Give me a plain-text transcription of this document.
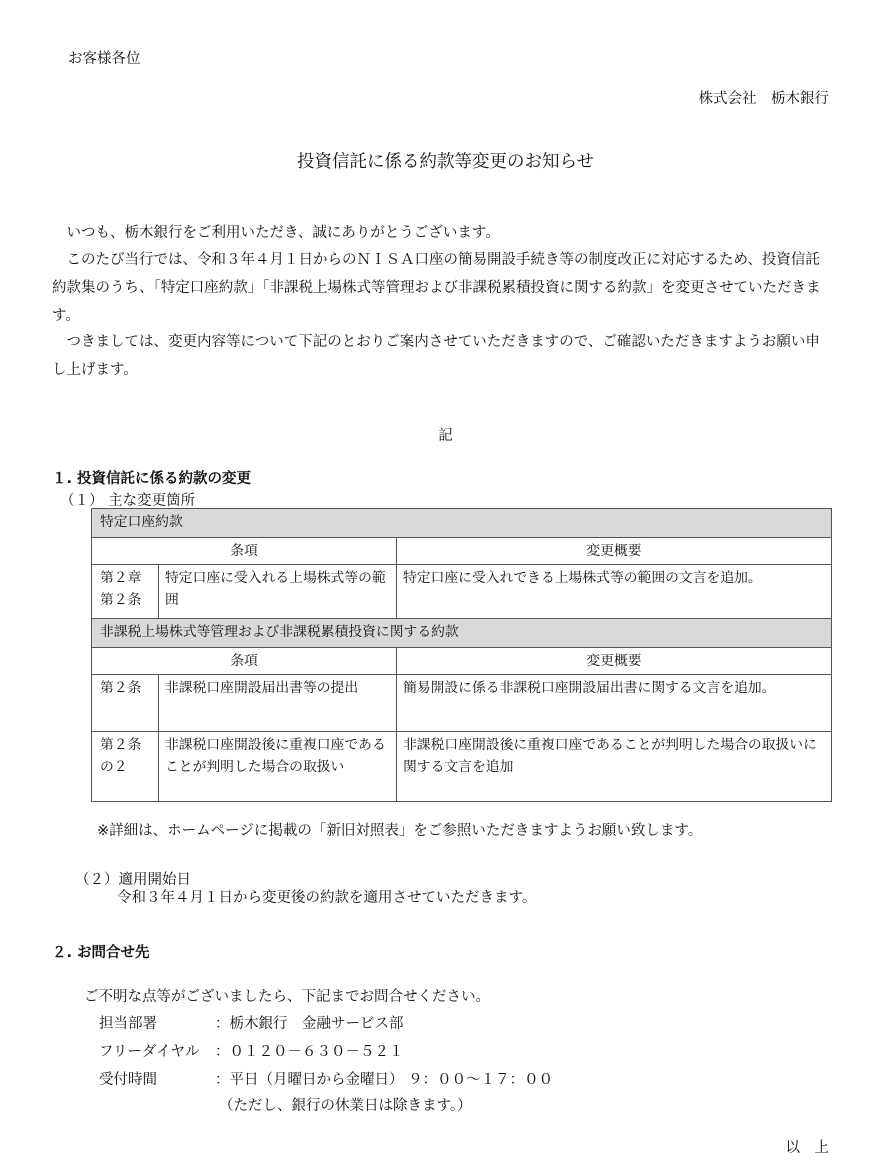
お客様各位
株式会社　栃木銀行
投資信託に係る約款等変更のお知らせ
　いつも、栃木銀行をご利用いただき、誠にありがとうございます。
　このたび当行では、令和３年４月１日からのＮＩＳＡ口座の簡易開設手続き等の制度改正に対応するため、投資信託約款集のうち、「特定口座約款」「非課税上場株式等管理および非課税累積投資に関する約款」を変更させていただきます。
　つきましては、変更内容等について下記のとおりご案内させていただきますので、ご確認いただきますようお願い申し上げます。
記
１. 投資信託に係る約款の変更
（１） 主な変更箇所
特定口座約款		
条項		変更概要
第２章 第２条	特定口座に受入れる上場株式等の範囲	特定口座に受入れできる上場株式等の範囲の文言を追加。
非課税上場株式等管理および非課税累積投資に関する約款		
条項		変更概要
第２条	非課税口座開設届出書等の提出	簡易開設に係る非課税口座開設届出書に関する文言を追加。
第２条の２	非課税口座開設後に重複口座であることが判明した場合の取扱い	非課税口座開設後に重複口座であることが判明した場合の取扱いに関する文言を追加
※詳細は、ホームページに掲載の「新旧対照表」をご参照いただきますようお願い致します。
（２）適用開始日
令和３年４月１日から変更後の約款を適用させていただきます。
２. お問合せ先
ご不明な点等がございましたら、下記までお問合せください。
担当部署	：栃木銀行　金融サービス部
フリーダイヤル ：０１２０－６３０－５２１
受付時間	：平日（月曜日から金曜日） ９：００～１７：００
（ただし、銀行の休業日は除きます。）
以　上
